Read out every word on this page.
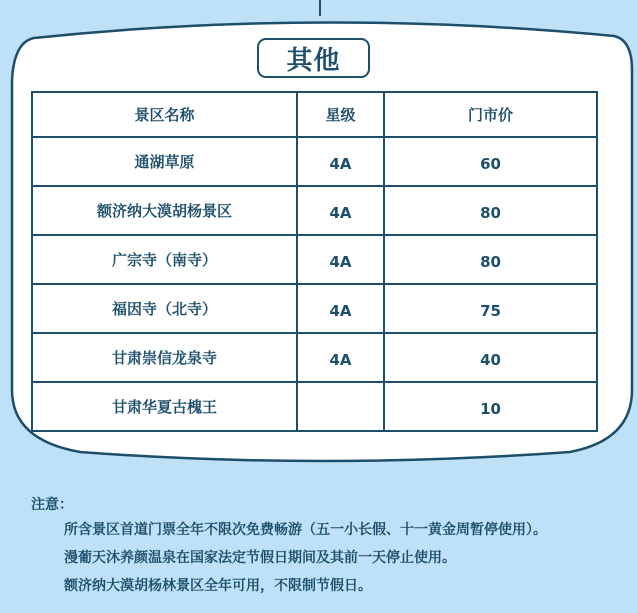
其他
景区名称	星级	门市价
通湖草原	4A	60
额济纳大漠胡杨景区	4A	80
广宗寺（南寺）	4A	80
福因寺（北寺）	4A	75
甘肃崇信龙泉寺	4A	40
甘肃华夏古槐王		10
注意：
所含景区首道门票全年不限次免费畅游（五一小长假、十一黄金周暂停使用）。
漫葡天沐养颜温泉在国家法定节假日期间及其前一天停止使用。
额济纳大漠胡杨林景区全年可用，不限制节假日。
